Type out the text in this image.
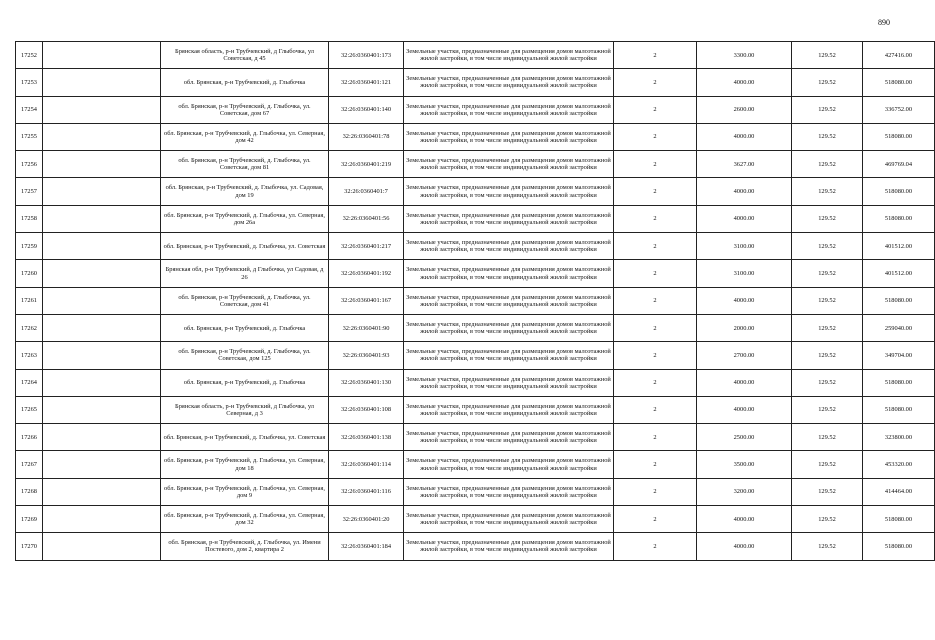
890
17252		Брянская область, р-н Трубчевский, д Глыбочка, ул Советская, д 45	32:26:0360401:173	Земельные участки, предназначенные для размещения домов малоэтажной жилой застройки, в том числе индивидуальной жилой застройки	2	3300.00	129.52	427416.00
17253		обл. Брянская, р-н Трубчевский, д. Глыбочка	32:26:0360401:121	Земельные участки, предназначенные для размещения домов малоэтажной жилой застройки, в том числе индивидуальной жилой застройки	2	4000.00	129.52	518080.00
17254		обл. Брянская, р-н Трубчевский, д. Глыбочка, ул. Советская, дом 67	32:26:0360401:140	Земельные участки, предназначенные для размещения домов малоэтажной жилой застройки, в том числе индивидуальной жилой застройки	2	2600.00	129.52	336752.00
17255		обл. Брянская, р-н Трубчевский, д. Глыбочка, ул. Северная, дом 42	32:26:0360401:78	Земельные участки, предназначенные для размещения домов малоэтажной жилой застройки, в том числе индивидуальной жилой застройки	2	4000.00	129.52	518080.00
17256		обл. Брянская, р-н Трубчевский, д. Глыбочка, ул. Советская, дом 81	32:26:0360401:219	Земельные участки, предназначенные для размещения домов малоэтажной жилой застройки, в том числе индивидуальной жилой застройки	2	3627.00	129.52	469769.04
17257		обл. Брянская, р-н Трубчевский, д. Глыбочка, ул. Садовая, дом 19	32:26:0360401:7	Земельные участки, предназначенные для размещения домов малоэтажной жилой застройки, в том числе индивидуальной жилой застройки	2	4000.00	129.52	518080.00
17258		обл. Брянская, р-н Трубчевский, д. Глыбочка, ул. Северная, дом 26а	32:26:0360401:56	Земельные участки, предназначенные для размещения домов малоэтажной жилой застройки, в том числе индивидуальной жилой застройки	2	4000.00	129.52	518080.00
17259		обл. Брянская, р-н Трубчевский, д. Глыбочка, ул. Советская	32:26:0360401:217	Земельные участки, предназначенные для размещения домов малоэтажной жилой застройки, в том числе индивидуальной жилой застройки	2	3100.00	129.52	401512.00
17260		Брянская обл, р-н Трубчевский, д Глыбочка, ул Садовая, д 26	32:26:0360401:192	Земельные участки, предназначенные для размещения домов малоэтажной жилой застройки, в том числе индивидуальной жилой застройки	2	3100.00	129.52	401512.00
17261		обл. Брянская, р-н Трубчевский, д. Глыбочка, ул. Советская, дом 41	32:26:0360401:167	Земельные участки, предназначенные для размещения домов малоэтажной жилой застройки, в том числе индивидуальной жилой застройки	2	4000.00	129.52	518080.00
17262		обл. Брянская, р-н Трубчевский, д. Глыбочка	32:26:0360401:90	Земельные участки, предназначенные для размещения домов малоэтажной жилой застройки, в том числе индивидуальной жилой застройки	2	2000.00	129.52	259040.00
17263		обл. Брянская, р-н Трубчевский, д. Глыбочка, ул. Советская, дом 125	32:26:0360401:93	Земельные участки, предназначенные для размещения домов малоэтажной жилой застройки, в том числе индивидуальной жилой застройки	2	2700.00	129.52	349704.00
17264		обл. Брянская, р-н Трубчевский, д. Глыбочка	32:26:0360401:130	Земельные участки, предназначенные для размещения домов малоэтажной жилой застройки, в том числе индивидуальной жилой застройки	2	4000.00	129.52	518080.00
17265		Брянская область, р-н Трубчевский, д Глыбочка, ул Северная, д 3	32:26:0360401:108	Земельные участки, предназначенные для размещения домов малоэтажной жилой застройки, в том числе индивидуальной жилой застройки	2	4000.00	129.52	518080.00
17266		обл. Брянская, р-н Трубчевский, д. Глыбочка, ул. Советская	32:26:0360401:138	Земельные участки, предназначенные для размещения домов малоэтажной жилой застройки, в том числе индивидуальной жилой застройки	2	2500.00	129.52	323800.00
17267		обл. Брянская, р-н Трубчевский, д. Глыбочка, ул. Северная, дом 18	32:26:0360401:114	Земельные участки, предназначенные для размещения домов малоэтажной жилой застройки, в том числе индивидуальной жилой застройки	2	3500.00	129.52	453320.00
17268		обл. Брянская, р-н Трубчевский, д. Глыбочка, ул. Северная, дом 9	32:26:0360401:116	Земельные участки, предназначенные для размещения домов малоэтажной жилой застройки, в том числе индивидуальной жилой застройки	2	3200.00	129.52	414464.00
17269		обл. Брянская, р-н Трубчевский, д. Глыбочка, ул. Северная, дом 32	32:26:0360401:20	Земельные участки, предназначенные для размещения домов малоэтажной жилой застройки, в том числе индивидуальной жилой застройки	2	4000.00	129.52	518080.00
17270		обл. Брянская, р-н Трубчевский, д. Глыбочка, ул. Имени Постевого, дом 2, квартира 2	32:26:0360401:184	Земельные участки, предназначенные для размещения домов малоэтажной жилой застройки, в том числе индивидуальной жилой застройки	2	4000.00	129.52	518080.00
